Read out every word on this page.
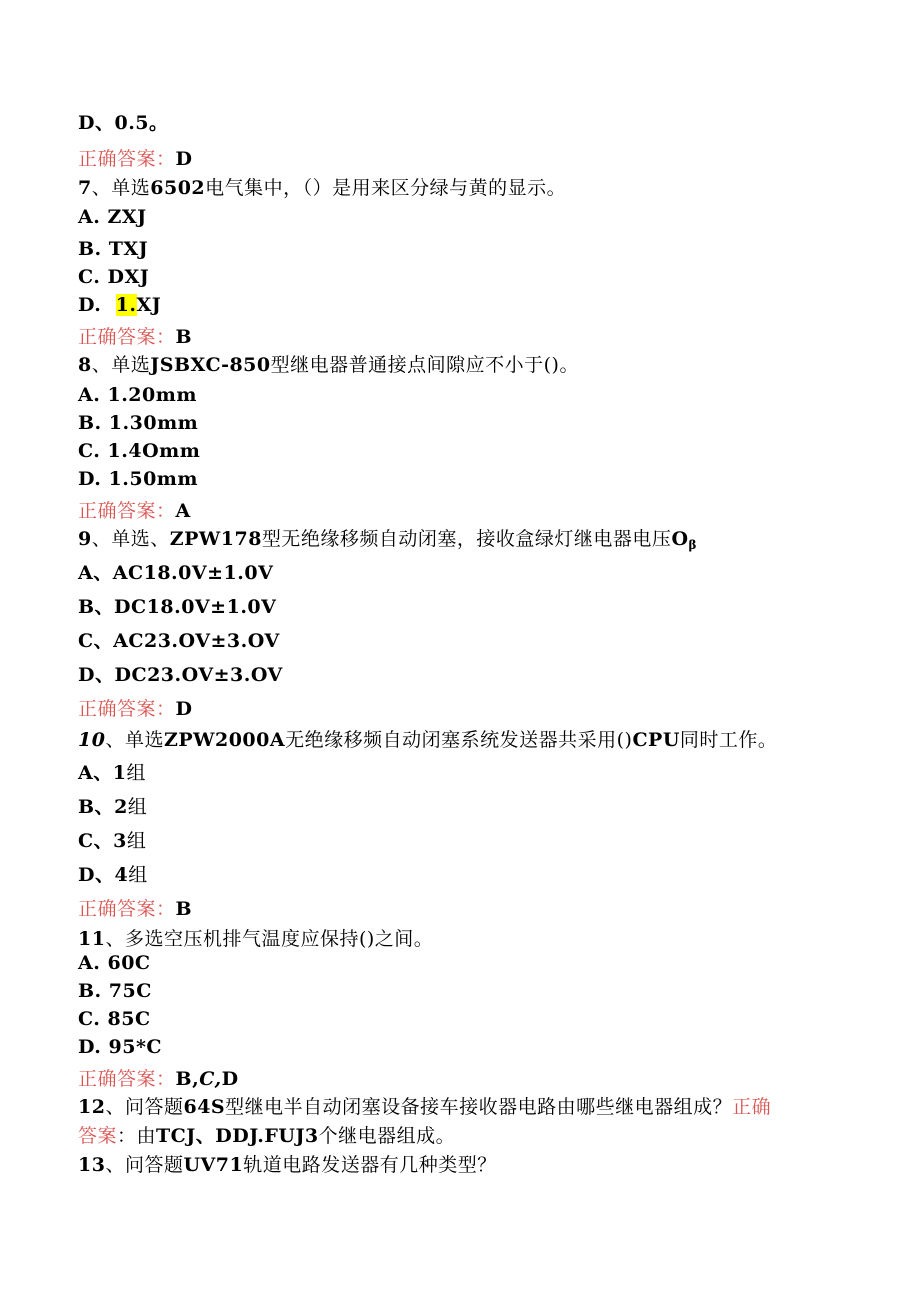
D、0.5。
正确答案：D
7、单选6502电气集中，（）是用来区分绿与黄的显示。
A. ZXJ
B. TXJ
C. DXJ
D.  1.XJ
正确答案：B
8、单选JSBXC-850型继电器普通接点间隙应不小于()。
A. 1.20mm
B. 1.30mm
C. 1.4Omm
D. 1.50mm
正确答案：A
9、单选、ZPW178型无绝缘移频自动闭塞，接收盒绿灯继电器电压$O_\beta$
A、AC18.0V±1.0V
B、DC18.0V±1.0V
C、AC23.OV±3.OV
D、DC23.OV±3.OV
正确答案：D
10、单选ZPW2000A无绝缘移频自动闭塞系统发送器共采用()CPU同时工作。
A、1组
B、2组
C、3组
D、4组
正确答案：B
11、多选空压机排气温度应保持()之间。
A. 60C
B. 75C
C. 85C
D. 95*C
正确答案：B,C,D
12、问答题64S型继电半自动闭塞设备接车接收器电路由哪些继电器组成？正确
答案：由TCJ、DDJ.FUJ3个继电器组成。
13、问答题UV71轨道电路发送器有几种类型？
